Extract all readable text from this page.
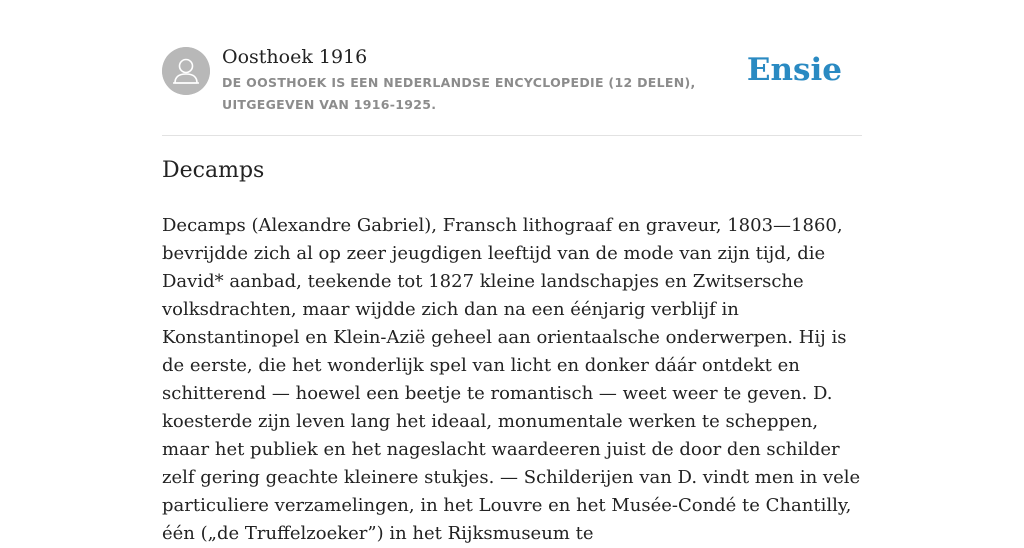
Oosthoek 1916
DE OOSTHOEK IS EEN NEDERLANDSE ENCYCLOPEDIE (12 DELEN), UITGEGEVEN VAN 1916-1925.
Ensie
Decamps

Decamps (Alexandre Gabriel), Fransch lithograaf en graveur, 1803—1860, bevrijdde zich al op zeer jeugdigen leeftijd van de mode van zijn tijd, die David* aanbad, teekende tot 1827 kleine landschapjes en Zwitsersche volksdrachten, maar wijdde zich dan na een éénjarig verblijf in Konstantinopel en Klein-Azië geheel aan orientaalsche onderwerpen. Hij is de eerste, die het wonderlijk spel van licht en donker dáár ontdekt en schitterend — hoewel een beetje te romantisch — weet weer te geven. D. koesterde zijn leven lang het ideaal, monumentale werken te scheppen, maar het publiek en het nageslacht waardeeren juist de door den schilder zelf gering geachte kleinere stukjes. — Schilderijen van D. vindt men in vele particuliere verzamelingen, in het Louvre en het Musée-Condé te Chantilly, één („de Truffelzoeker”) in het Rijksmuseum te
